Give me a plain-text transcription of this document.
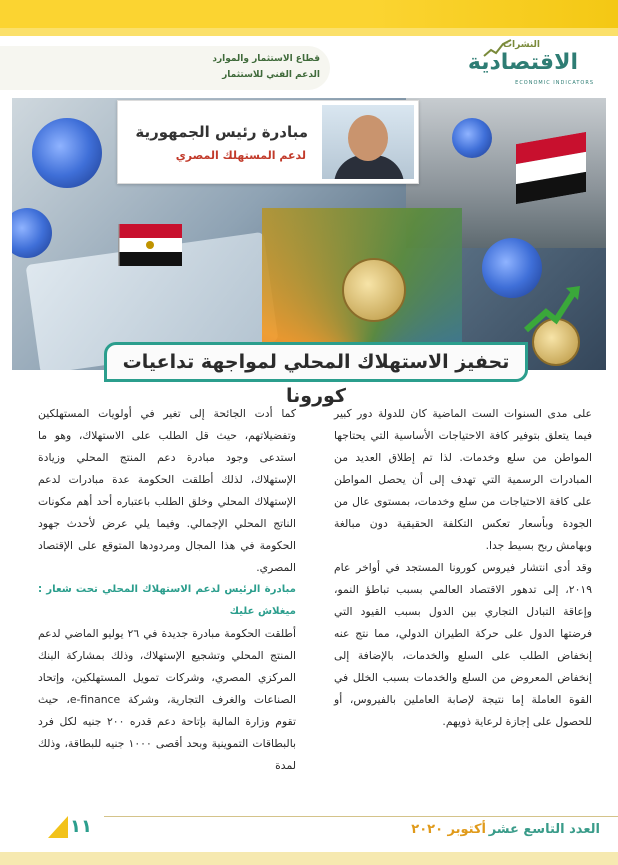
قطاع الاستثمار والموارد
الدعم الفني للاستثمار
النشرات
الاقتصادية
ECONOMIC INDICATORS
مبادرة رئيس الجمهورية
لدعم المستهلك المصري
تحفيز الاستهلاك المحلي لمواجهة تداعيات كورونا

على مدى السنوات الست الماضية كان للدولة دور كبير فيما يتعلق بتوفير كافة الاحتياجات الأساسية التي يحتاجها المواطن من سلع وخدمات. لذا تم إطلاق العديد من المبادرات الرسمية التي تهدف إلى أن يحصل المواطن على كافة الاحتياجات من سلع وخدمات، بمستوى عال من الجودة وبأسعار تعكس التكلفة الحقيقية دون مبالغة وبهامش ربح بسيط جدا.

وقد أدى انتشار فيروس كورونا المستجد في أواخر عام ٢٠١٩، إلى تدهور الاقتصاد العالمي بسبب تباطؤ النمو، وإعاقة التبادل التجاري بين الدول بسبب القيود التي فرضتها الدول على حركة الطيران الدولي، مما نتج عنه إنخفاض الطلب على السلع والخدمات، بالإضافة إلى إنخفاض المعروض من السلع والخدمات بسبب الخلل في القوة العاملة إما نتيجة لإصابة العاملين بالفيروس، أو للحصول على إجازة لرعاية ذويهم.

كما أدت الجائحة إلى تغير في أولويات المستهلكين وتفضيلاتهم، حيث قل الطلب على الاستهلاك، وهو ما استدعى وجود مبادرة دعم المنتج المحلي وزيادة الإستهلاك، لذلك أطلقت الحكومة عدة مبادرات لدعم الإستهلاك المحلي وخلق الطلب باعتباره أحد أهم مكونات الناتج المحلي الإجمالي. وفيما يلي عرض لأحدث جهود الحكومة في هذا المجال ومردودها المتوقع على الإقتصاد المصري.

مبادرة الرئيس لدعم الاستهلاك المحلي تحت شعار : ميغلاش عليك

أطلقت الحكومة مبادرة جديدة في ٢٦ يوليو الماضي لدعم المنتج المحلي وتشجيع الإستهلاك، وذلك بمشاركة البنك المركزي المصري، وشركات تمويل المستهلكين، وإتحاد الصناعات والغرف التجارية، وشركة e-finance، حيث تقوم وزارة المالية بإتاحة دعم قدره ٢٠٠ جنيه لكل فرد بالبطاقات التموينية وبحد أقصى ١٠٠٠ جنيه للبطاقة، وذلك لمدة

١١	أكتوبر ٢٠٢٠ العدد التاسع عشر
